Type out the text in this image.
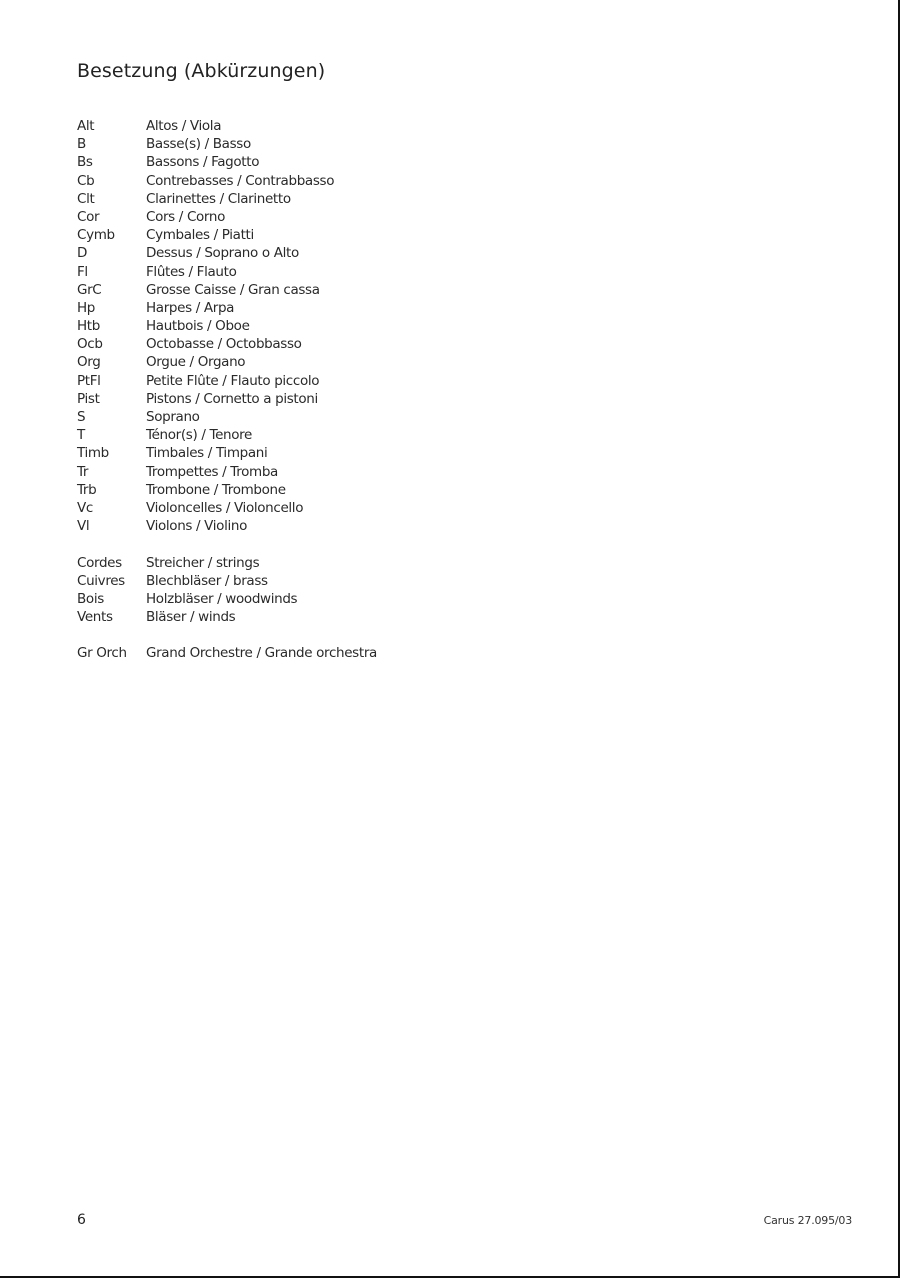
Besetzung (Abkürzungen)
Alt	Altos / Viola
B	Basse(s) / Basso
Bs	Bassons / Fagotto
Cb	Contrebasses / Contrabbasso
Clt	Clarinettes / Clarinetto
Cor	Cors / Corno
Cymb	Cymbales / Piatti
D	Dessus / Soprano o Alto
Fl	Flûtes / Flauto
GrC	Grosse Caisse / Gran cassa
Hp	Harpes / Arpa
Htb	Hautbois / Oboe
Ocb	Octobasse / Octobbasso
Org	Orgue / Organo
PtFl	Petite Flûte / Flauto piccolo
Pist	Pistons / Cornetto a pistoni
S	Soprano
T	Ténor(s) / Tenore
Timb	Timbales / Timpani
Tr	Trompettes / Tromba
Trb	Trombone / Trombone
Vc	Violoncelles / Violoncello
Vl	Violons / Violino
Cordes	Streicher / strings
Cuivres	Blechbläser / brass
Bois	Holzbläser / woodwinds
Vents	Bläser / winds
Gr Orch	Grand Orchestre / Grande orchestra
6	Carus 27.095/03
